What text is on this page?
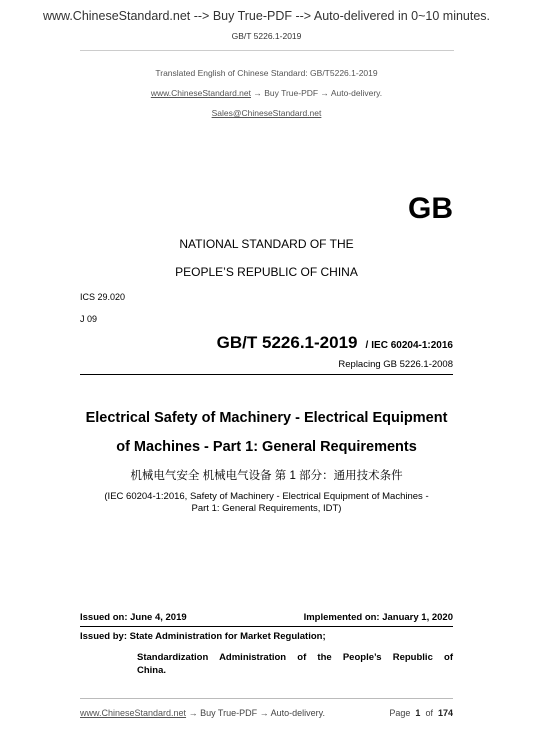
www.ChineseStandard.net --> Buy True-PDF --> Auto-delivered in 0~10 minutes.
GB/T 5226.1-2019
Translated English of Chinese Standard: GB/T5226.1-2019
www.ChineseStandard.net → Buy True-PDF → Auto-delivery.
Sales@ChineseStandard.net
GB
NATIONAL STANDARD OF THE
PEOPLE’S REPUBLIC OF CHINA
ICS 29.020
J 09
GB/T 5226.1-2019 / IEC 60204-1:2016
Replacing GB 5226.1-2008
Electrical Safety of Machinery - Electrical Equipment
of Machines - Part 1: General Requirements
机械电气安全 机械电气设备 第 1 部分：通用技术条件
(IEC 60204-1:2016, Safety of Machinery - Electrical Equipment of Machines -
Part 1: General Requirements, IDT)
Issued on: June 4, 2019	Implemented on: January 1, 2020
Issued by: State Administration for Market Regulation;
Standardization Administration of the People’s Republic of
China.
www.ChineseStandard.net → Buy True-PDF → Auto-delivery.	Page 1 of 174
